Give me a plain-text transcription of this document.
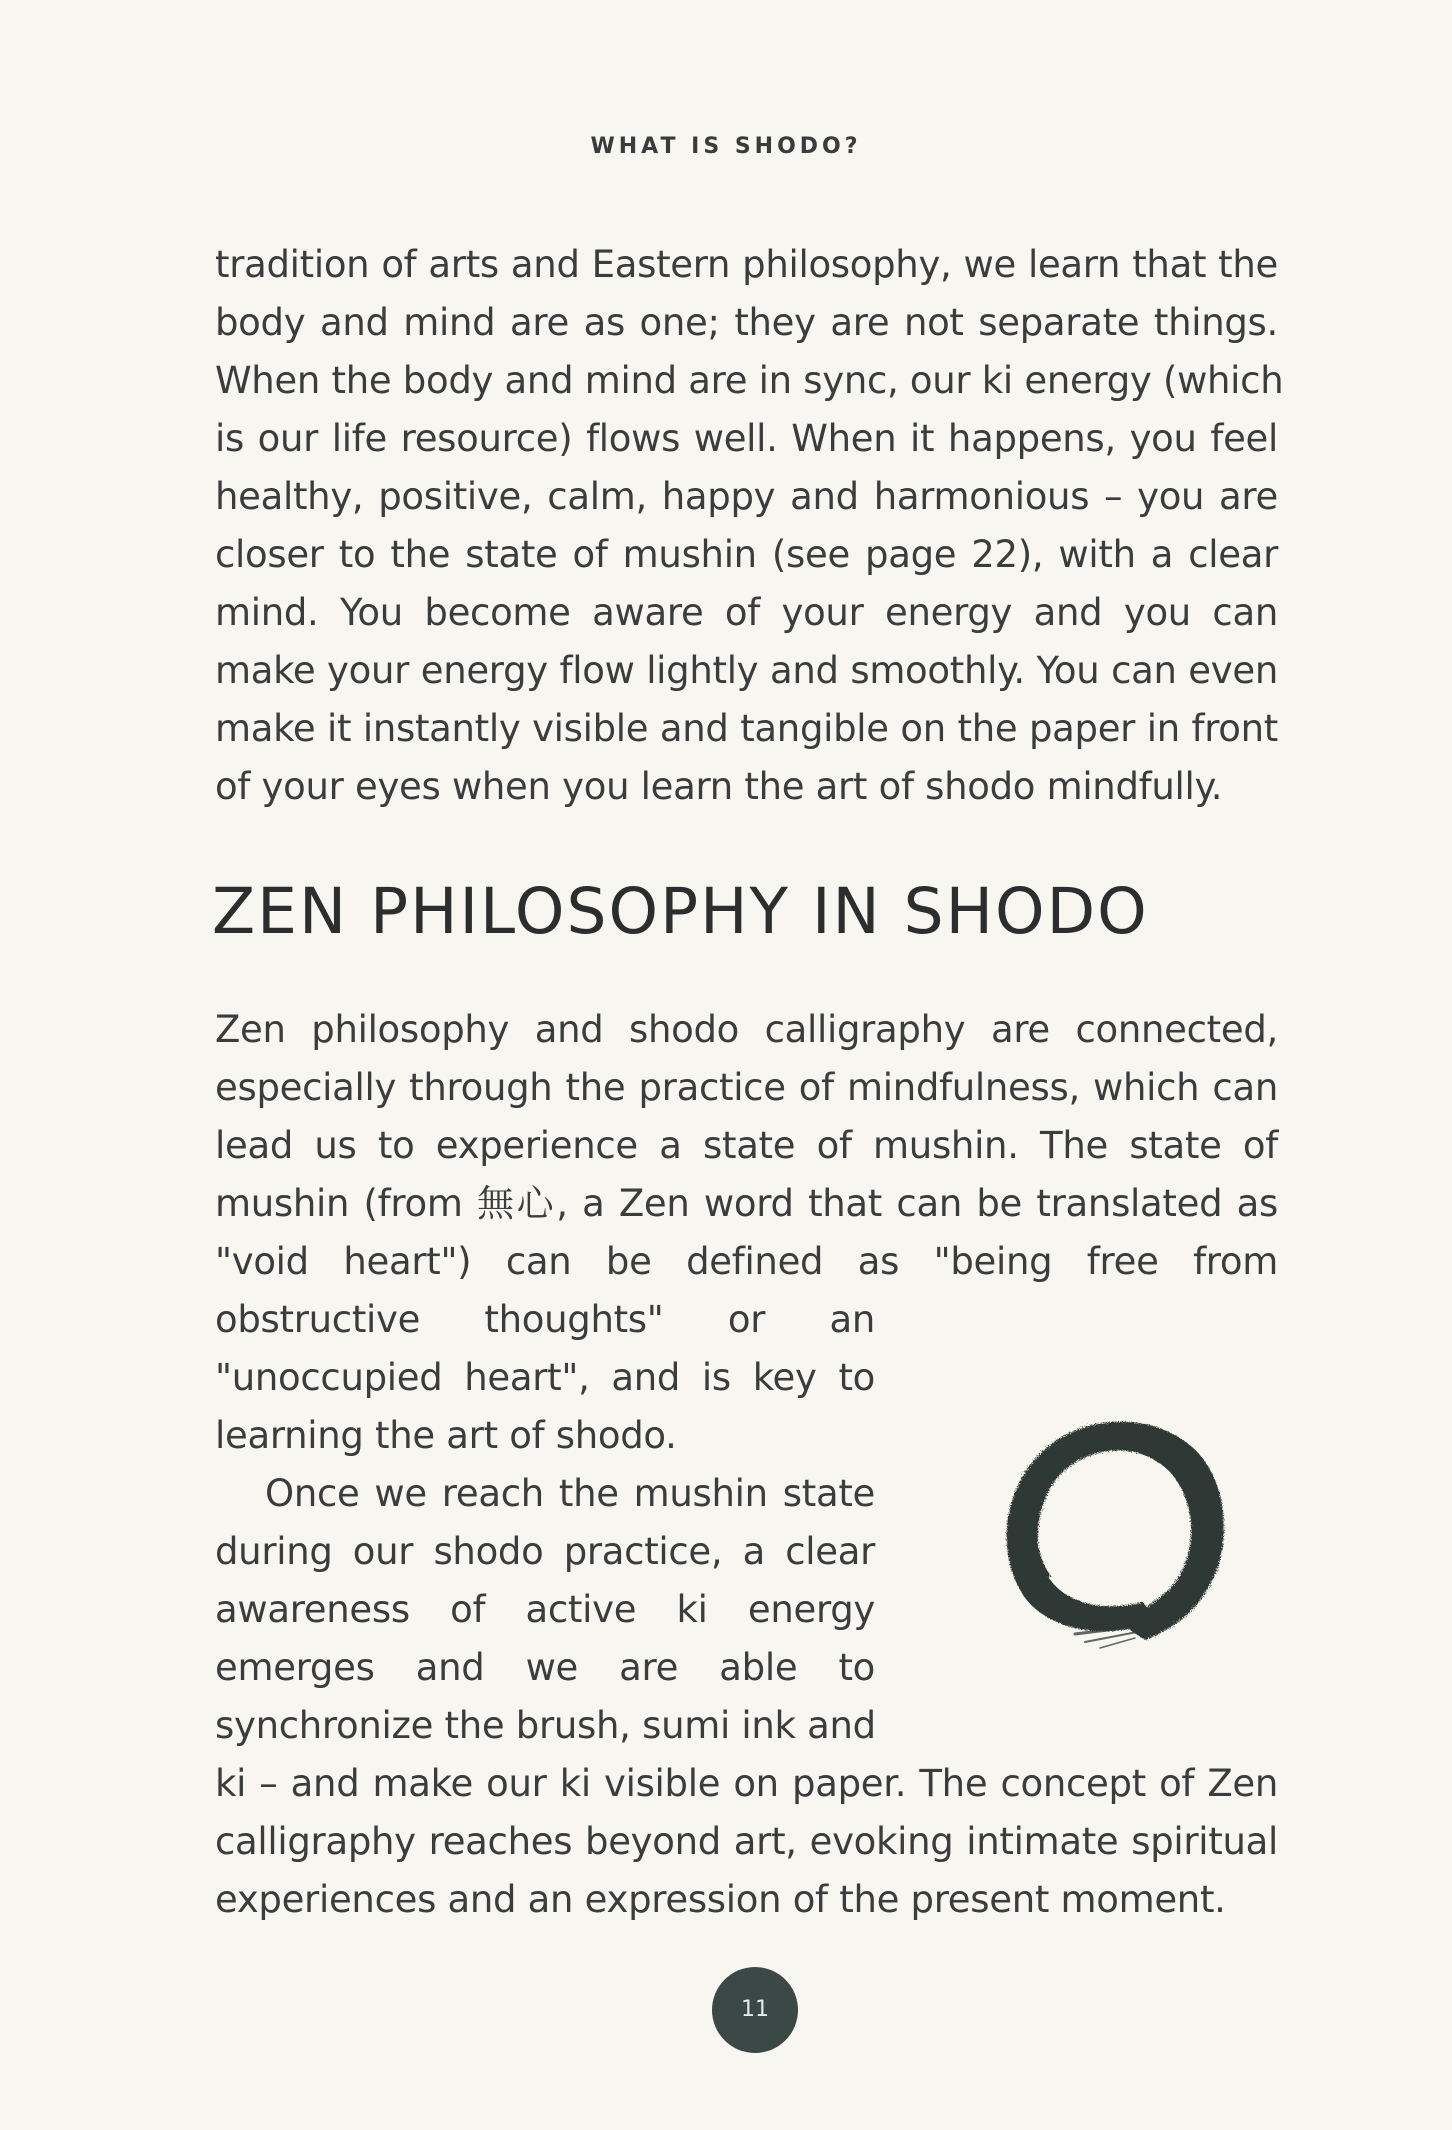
WHAT IS SHODO?
tradition of arts and Eastern philosophy, we learn that the
body and mind are as one; they are not separate things.
When the body and mind are in sync, our ki energy (which
is our life resource) flows well. When it happens, you feel
healthy, positive, calm, happy and harmonious – you are
closer to the state of mushin (see page 22), with a clear
mind. You become aware of your energy and you can
make your energy flow lightly and smoothly. You can even
make it instantly visible and tangible on the paper in front
of your eyes when you learn the art of shodo mindfully.
ZEN PHILOSOPHY IN SHODO
Zen philosophy and shodo calligraphy are connected,
especially through the practice of mindfulness, which can
lead us to experience a state of mushin. The state of
mushin (from 無心, a Zen word that can be translated as
"void heart") can be defined as "being free from
obstructive thoughts" or an
"unoccupied heart", and is key to
learning the art of shodo.
Once we reach the mushin state
during our shodo practice, a clear
awareness of active ki energy
emerges and we are able to
synchronize the brush, sumi ink and
ki – and make our ki visible on paper. The concept of Zen
calligraphy reaches beyond art, evoking intimate spiritual
experiences and an expression of the present moment.
11
